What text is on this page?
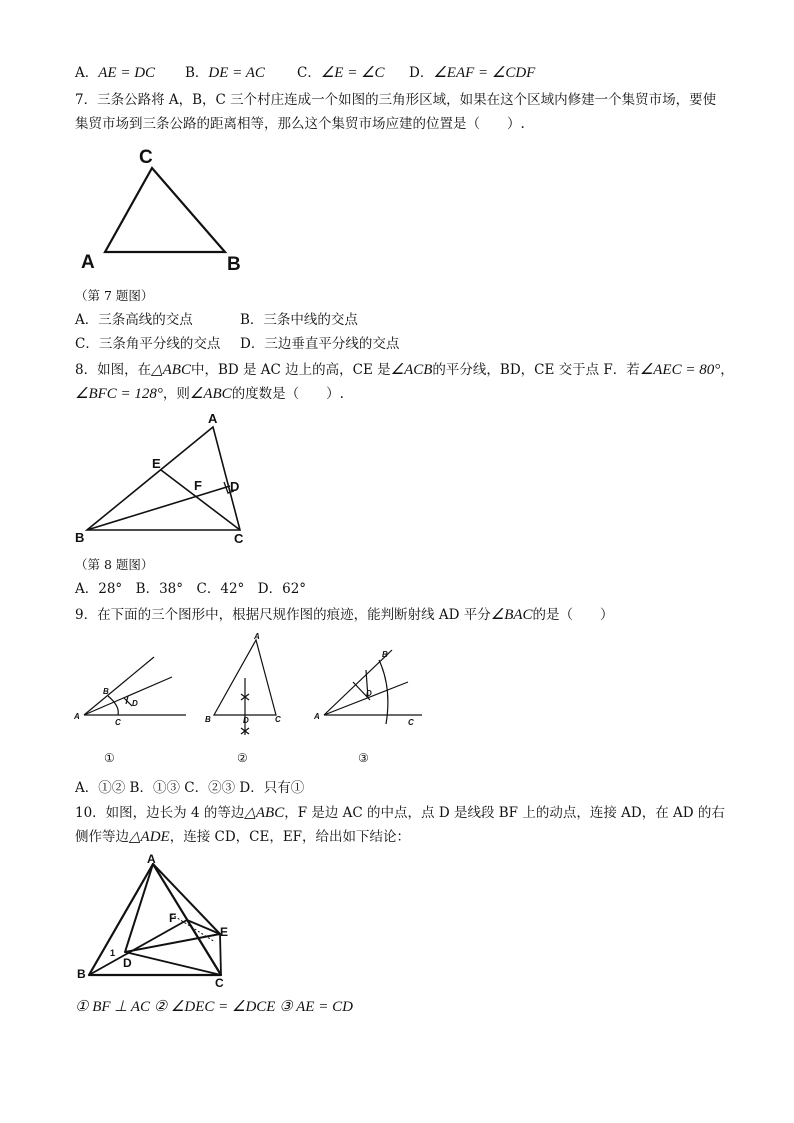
A．AE = DC B．DE = AC C．∠E = ∠C D．∠EAF = ∠CDF
7．三条公路将 A，B，C 三个村庄连成一个如图的三角形区域，如果在这个区域内修建一个集贸市场，要使
集贸市场到三条公路的距离相等，那么这个集贸市场应建的位置是（　　）.
C
A	B
（第 7 题图）
A．三条高线的交点	B．三条中线的交点
C．三条角平分线的交点 D．三边垂直平分线的交点
8．如图，在△ABC中，BD 是 AC 边上的高，CE 是∠ACB的平分线，BD，CE 交于点 F．若∠AEC = 80°，
∠BFC = 128°，则∠ABC的度数是（　　）.
A
E
F D
B	C
（第 8 题图）
A．28°　B．38°　C．42°　D．62°
9．在下面的三个图形中，根据尺规作图的痕迹，能判断射线 AD 平分∠BAC的是（　　）
A
B
D
C
A
B	D	C	A
B
D
C
①	②	③
A．①② B．①③ C．②③ D．只有①
10．如图，边长为 4 的等边△ABC，F 是边 AC 的中点，点 D 是线段 BF 上的动点，连接 AD，在 AD 的右
侧作等边△ADE，连接 CD，CE，EF，给出如下结论：
A
F
E
D
B
C
1
① BF ⊥ AC ② ∠DEC = ∠DCE ③ AE = CD
